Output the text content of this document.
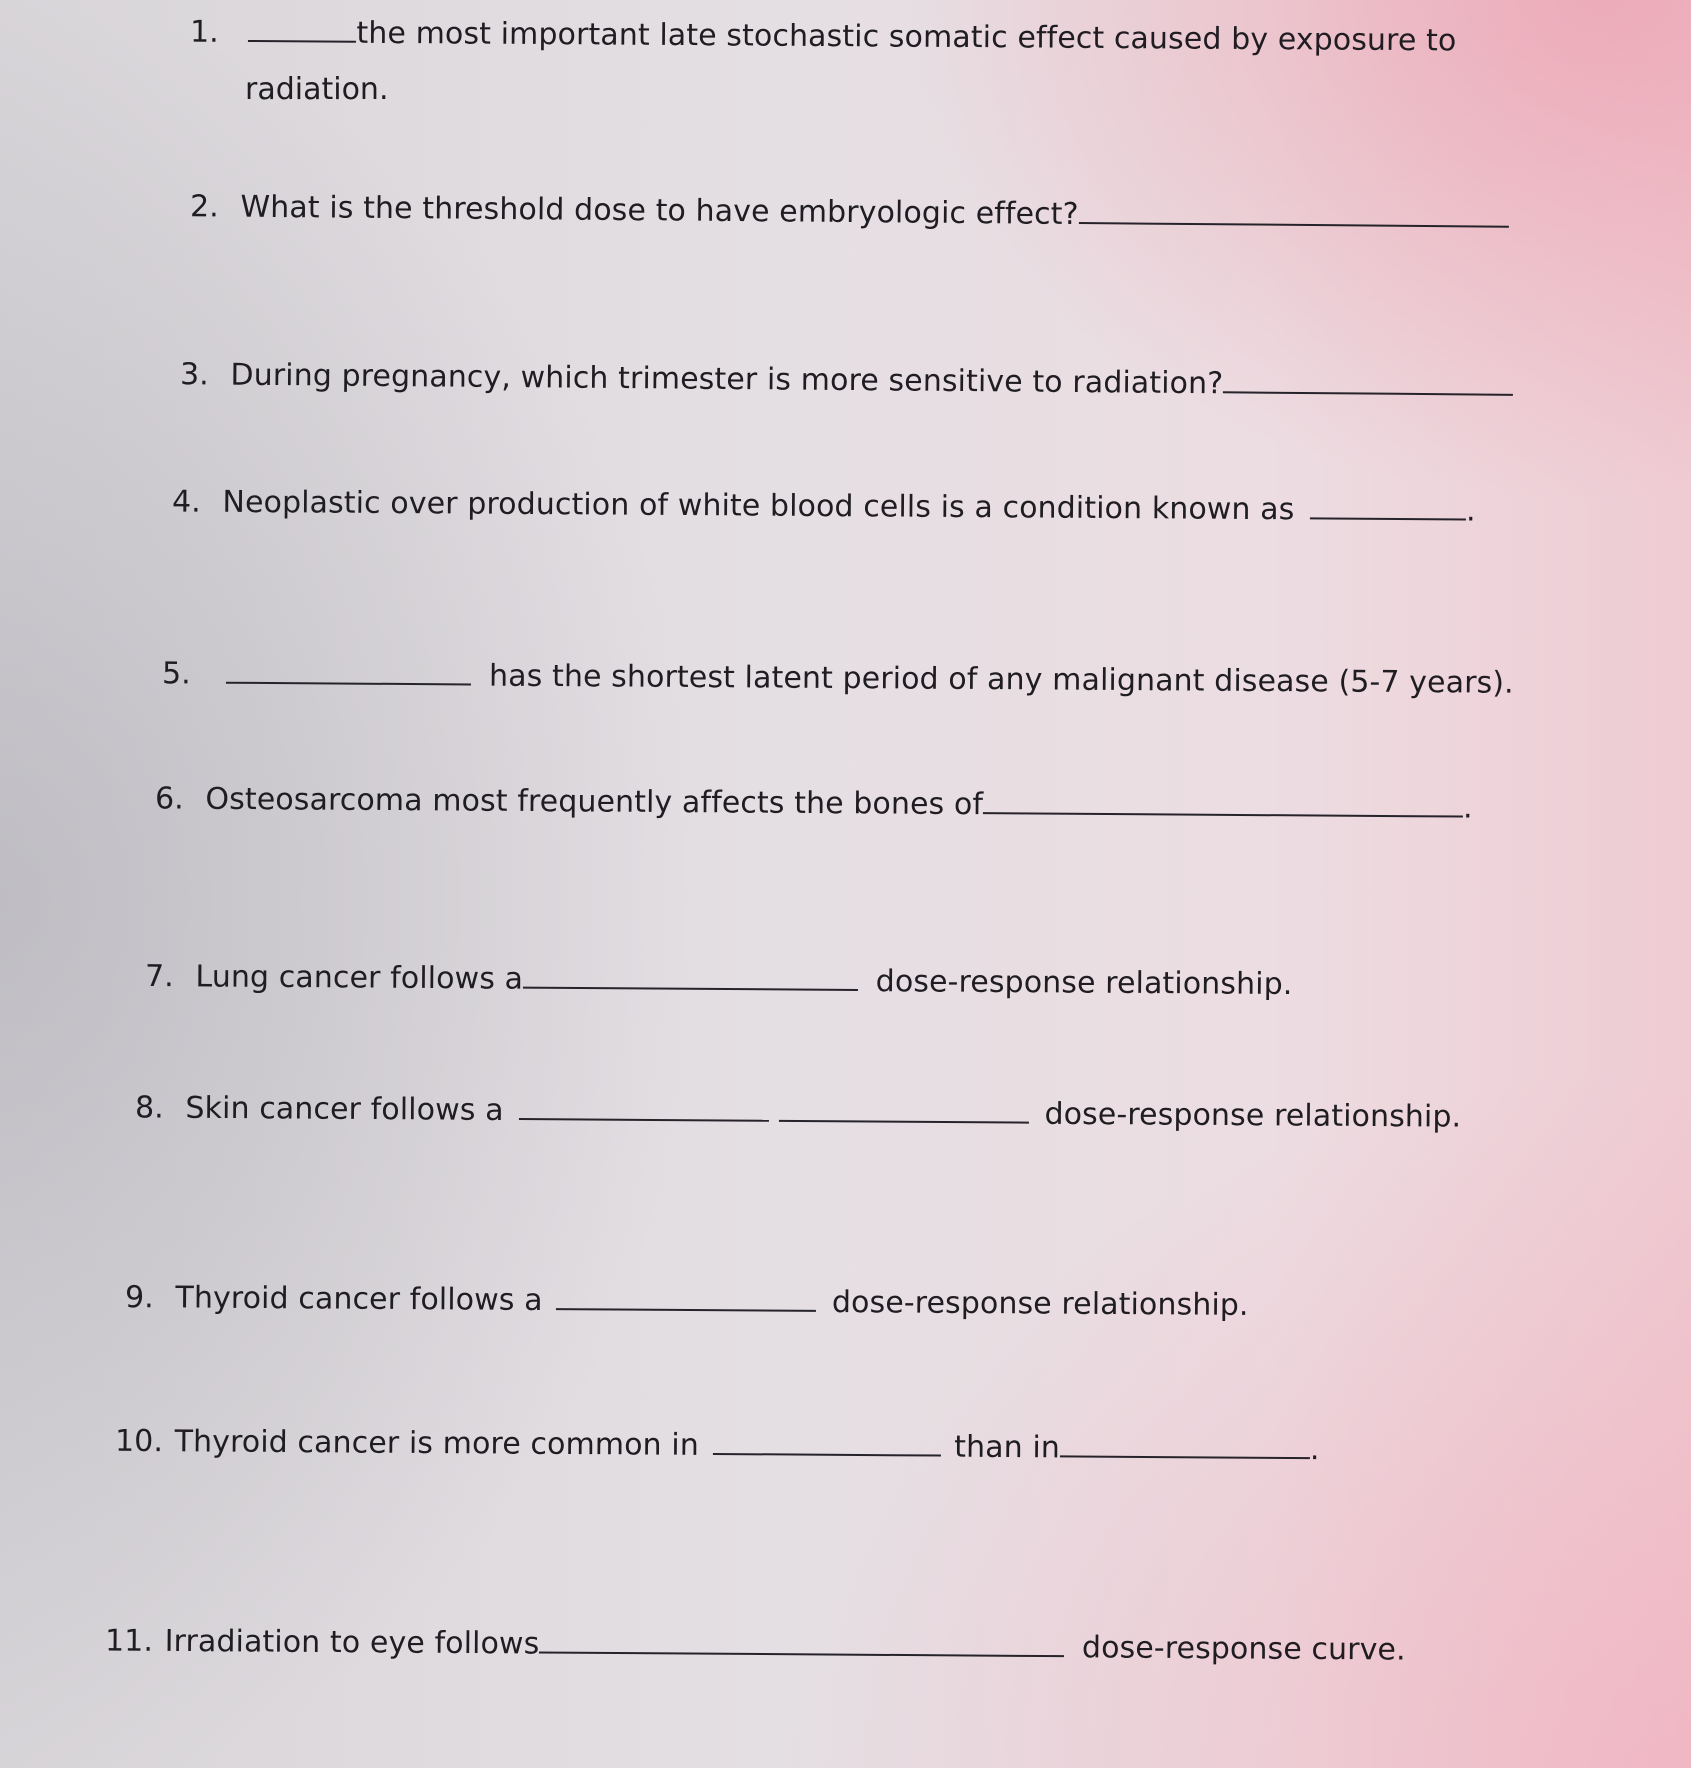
1.	the most important late stochastic somatic effect caused by exposure to
radiation.
2. What is the threshold dose to have embryologic effect?
3. During pregnancy, which trimester is more sensitive to radiation?
4. Neoplastic over production of white blood cells is a condition known as	.
5.	has the shortest latent period of any malignant disease (5-7 years).
6. Osteosarcoma most frequently affects the bones of	.
7. Lung cancer follows a	dose-response relationship.
8. Skin cancer follows a	dose-response relationship.
9. Thyroid cancer follows a	dose-response relationship.
10. Thyroid cancer is more common in	than in	.
11. Irradiation to eye follows	dose-response curve.
